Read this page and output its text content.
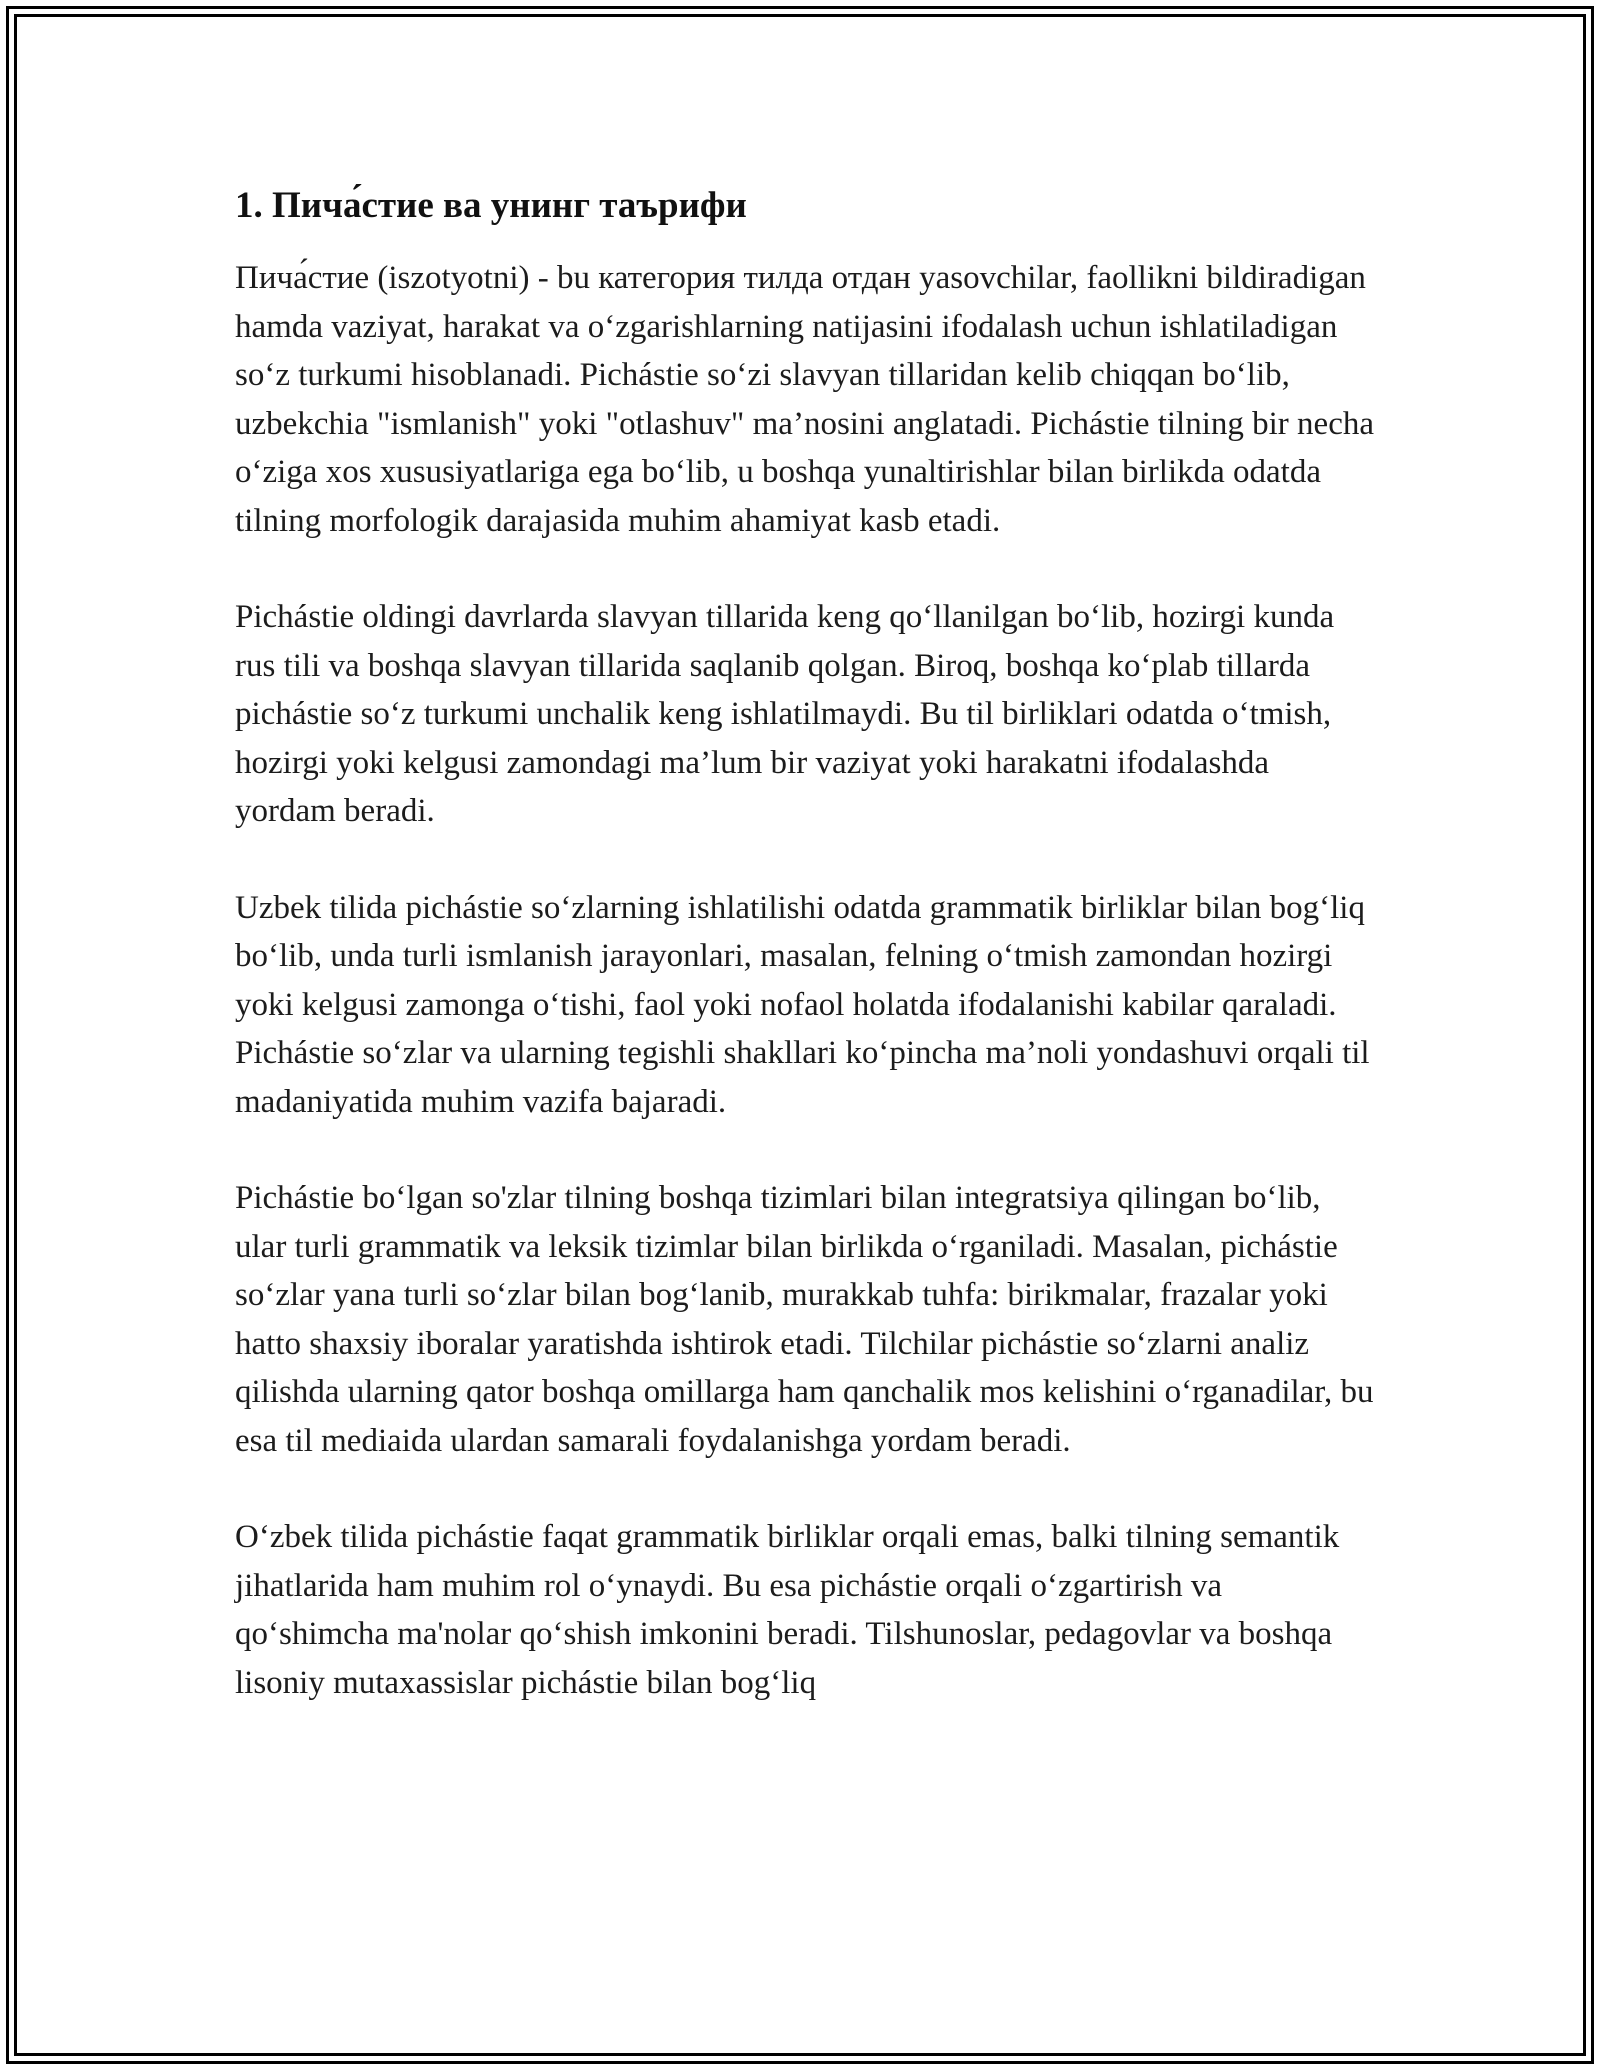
1. Пича́стие ва унинг таърифи

Пича́стие (iszotyotni) - bu категория тилда отдан yasovchilar, faollikni bildiradigan hamda vaziyat, harakat va o‘zgarishlarning natijasini ifodalash uchun ishlatiladigan so‘z turkumi hisoblanadi. Pichástie so‘zi slavyan tillaridan kelib chiqqan bo‘lib, uzbekchia "ismlanish" yoki "otlashuv" ma’nosini anglatadi. Pichástie tilning bir necha o‘ziga xos xususiyatlariga ega bo‘lib, u boshqa yunaltirishlar bilan birlikda odatda tilning morfologik darajasida muhim ahamiyat kasb etadi.

Pichástie oldingi davrlarda slavyan tillarida keng qo‘llanilgan bo‘lib, hozirgi kunda rus tili va boshqa slavyan tillarida saqlanib qolgan. Biroq, boshqa ko‘plab tillarda pichástie so‘z turkumi unchalik keng ishlatilmaydi. Bu til birliklari odatda o‘tmish, hozirgi yoki kelgusi zamondagi ma’lum bir vaziyat yoki harakatni ifodalashda yordam beradi.

Uzbek tilida pichástie so‘zlarning ishlatilishi odatda grammatik birliklar bilan bog‘liq bo‘lib, unda turli ismlanish jarayonlari, masalan, felning o‘tmish zamondan hozirgi yoki kelgusi zamonga o‘tishi, faol yoki nofaol holatda ifodalanishi kabilar qaraladi. Pichástie so‘zlar va ularning tegishli shakllari ko‘pincha ma’noli yondashuvi orqali til madaniyatida muhim vazifa bajaradi.

Pichástie bo‘lgan so'zlar tilning boshqa tizimlari bilan integratsiya qilingan bo‘lib, ular turli grammatik va leksik tizimlar bilan birlikda o‘rganiladi. Masalan, pichástie so‘zlar yana turli so‘zlar bilan bog‘lanib, murakkab tuhfa: birikmalar, frazalar yoki hatto shaxsiy iboralar yaratishda ishtirok etadi. Tilchilar pichástie so‘zlarni analiz qilishda ularning qator boshqa omillarga ham qanchalik mos kelishini o‘rganadilar, bu esa til mediaida ulardan samarali foydalanishga yordam beradi.

O‘zbek tilida pichástie faqat grammatik birliklar orqali emas, balki tilning semantik jihatlarida ham muhim rol o‘ynaydi. Bu esa pichástie orqali o‘zgartirish va qo‘shimcha ma'nolar qo‘shish imkonini beradi. Tilshunoslar, pedagovlar va boshqa lisoniy mutaxassislar pichástie bilan bog‘liq
